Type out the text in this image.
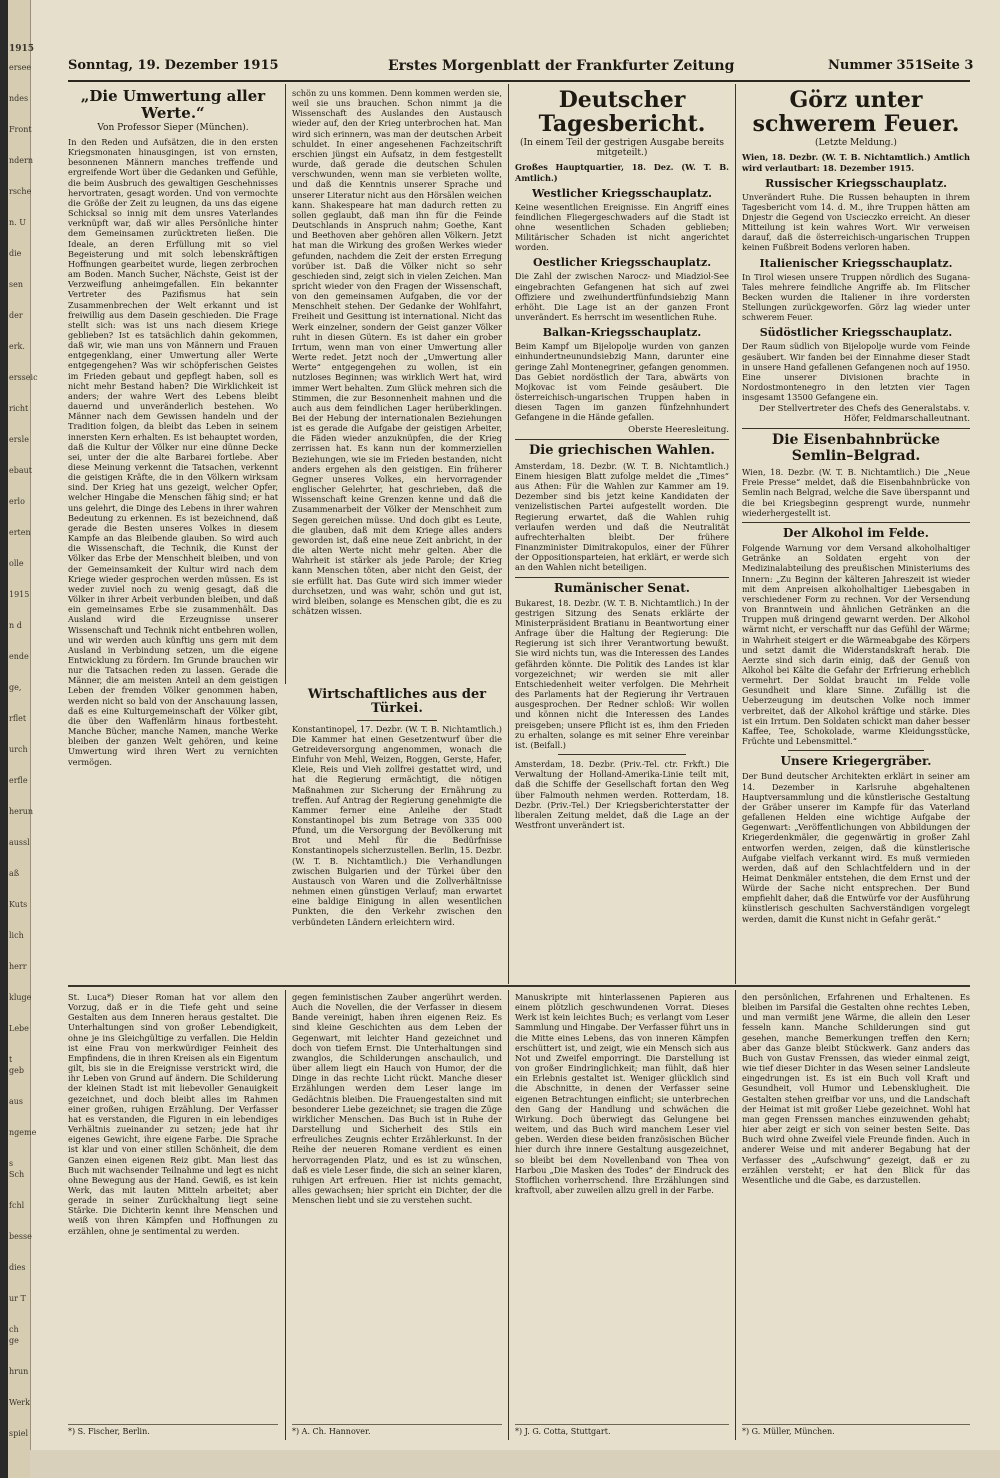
1915
ersee
ndes
Front
ndern
rsche
n. U
die
sen
der
erk.
ersseic
richt
ersle
ebaut
erlo
erten
olle
1915
n d
ende
ge,
rflet
urch
erfle
herun
aussl
aß
Kuts
lich
herr
kluge
Lebe
t geb
aus
ngeme
s Sch
fchl
besse
dies
ur T
ch ge
hrun
Werk
spiel
Sonntag, 19. Dezember 1915	Erstes Morgenblatt der Frankfurter Zeitung	Nummer 351 Seite 3

„Die Umwertung aller Werte.“

Von Professor Sieper (München).

In den Reden und Aufsätzen, die in den ersten Kriegsmonaten hinausgingen, ist von ernsten, besonnenen Männern manches treffende und ergreifende Wort über die Gedanken und Gefühle, die beim Ausbruch des gewaltigen Geschehnisses hervortraten, gesagt worden. Und von vermochte die Größe der Zeit zu leugnen, da uns das eigene Schicksal so innig mit dem unsres Vaterlandes verknüpft war, daß wir alles Persönliche hinter dem Gemeinsamen zurücktreten ließen. Die Ideale, an deren Erfüllung mit so viel Begeisterung und mit solch lebenskräftigen Hoffnungen gearbeitet wurde, liegen zerbrochen am Boden. Manch Sucher, Nächste, Geist ist der Verzweiflung anheimgefallen. Ein bekannter Vertreter des Pazifismus hat sein Zusammenbrechen der Welt erkannt und ist freiwillig aus dem Dasein geschieden. Die Frage stellt sich: was ist uns nach diesem Kriege geblieben? Ist es tatsächlich dahin gekommen, daß wir, wie man uns von Männern und Frauen entgegenklang, einer Umwertung aller Werte entgegengehen? Was wir schöpferischen Geistes im Frieden gebaut und gepflegt haben, soll es nicht mehr Bestand haben? Die Wirklichkeit ist anders; der wahre Wert des Lebens bleibt dauernd und unveränderlich bestehen. Wo Männer nach dem Gewissen handeln und der Tradition folgen, da bleibt das Leben in seinem innersten Kern erhalten. Es ist behauptet worden, daß die Kultur der Völker nur eine dünne Decke sei, unter der die alte Barbarei fortlebe. Aber diese Meinung verkennt die Tatsachen, verkennt die geistigen Kräfte, die in den Völkern wirksam sind. Der Krieg hat uns gezeigt, welcher Opfer, welcher Hingabe die Menschen fähig sind; er hat uns gelehrt, die Dinge des Lebens in ihrer wahren Bedeutung zu erkennen. Es ist bezeichnend, daß gerade die Besten unseres Volkes in diesem Kampfe an das Bleibende glauben. So wird auch die Wissenschaft, die Technik, die Kunst der Völker das Erbe der Menschheit bleiben, und von der Gemeinsamkeit der Kultur wird nach dem Kriege wieder gesprochen werden müssen. Es ist weder zuviel noch zu wenig gesagt, daß die Völker in ihrer Arbeit verbunden bleiben, und daß ein gemeinsames Erbe sie zusammenhält. Das Ausland wird die Erzeugnisse unserer Wissenschaft und Technik nicht entbehren wollen, und wir werden auch künftig uns gern mit dem Ausland in Verbindung setzen, um die eigene Entwicklung zu fördern. Im Grunde brauchen wir nur die Tatsachen reden zu lassen. Gerade die Männer, die am meisten Anteil an dem geistigen Leben der fremden Völker genommen haben, werden nicht so bald von der Anschauung lassen, daß es eine Kulturgemeinschaft der Völker gibt, die über den Waffenlärm hinaus fortbesteht. Manche Bücher, manche Namen, manche Werke bleiben der ganzen Welt gehören, und keine Umwertung wird ihren Wert zu vernichten vermögen.

schön zu uns kommen. Denn kommen werden sie, weil sie uns brauchen. Schon nimmt ja die Wissenschaft des Auslandes den Austausch wieder auf, den der Krieg unterbrochen hat. Man wird sich erinnern, was man der deutschen Arbeit schuldet. In einer angesehenen Fachzeitschrift erschien jüngst ein Aufsatz, in dem festgestellt wurde, daß gerade die deutschen Schulen verschwunden, wenn man sie verbieten wollte, und daß die Kenntnis unserer Sprache und unserer Literatur nicht aus den Hörsälen weichen kann. Shakespeare hat man dadurch retten zu sollen geglaubt, daß man ihn für die Feinde Deutschlands in Anspruch nahm; Goethe, Kant und Beethoven aber gehören allen Völkern. Jetzt hat man die Wirkung des großen Werkes wieder gefunden, nachdem die Zeit der ersten Erregung vorüber ist. Daß die Völker nicht so sehr geschieden sind, zeigt sich in vielen Zeichen. Man spricht wieder von den Fragen der Wissenschaft, von den gemeinsamen Aufgaben, die vor der Menschheit stehen. Der Gedanke der Wohlfahrt, Freiheit und Gesittung ist international. Nicht das Werk einzelner, sondern der Geist ganzer Völker ruht in diesen Gütern. Es ist daher ein grober Irrtum, wenn man von einer Umwertung aller Werte redet. Jetzt noch der „Umwertung aller Werte“ entgegengehen zu wollen, ist ein nutzloses Beginnen; was wirklich Wert hat, wird immer Wert behalten. Zum Glück mehren sich die Stimmen, die zur Besonnenheit mahnen und die auch aus dem feindlichen Lager herüberklingen. Bei der Hebung der internationalen Beziehungen ist es gerade die Aufgabe der geistigen Arbeiter, die Fäden wieder anzuknüpfen, die der Krieg zerrissen hat. Es kann nun der kommerziellen Beziehungen, wie sie im Frieden bestanden, nicht anders ergehen als den geistigen. Ein früherer Gegner unseres Volkes, ein hervorragender englischer Gelehrter, hat geschrieben, daß die Wissenschaft keine Grenzen kenne und daß die Zusammenarbeit der Völker der Menschheit zum Segen gereichen müsse. Und doch gibt es Leute, die glauben, daß mit dem Kriege alles anders geworden ist, daß eine neue Zeit anbricht, in der die alten Werte nicht mehr gelten. Aber die Wahrheit ist stärker als jede Parole; der Krieg kann Menschen töten, aber nicht den Geist, der sie erfüllt hat. Das Gute wird sich immer wieder durchsetzen, und was wahr, schön und gut ist, wird bleiben, solange es Menschen gibt, die es zu schätzen wissen.

Wirtschaftliches aus der Türkei.

Konstantinopel, 17. Dezbr. (W. T. B. Nichtamtlich.) Die Kammer hat einen Gesetzentwurf über die Getreideversorgung angenommen, wonach die Einfuhr von Mehl, Weizen, Roggen, Gerste, Hafer, Kleie, Reis und Vieh zollfrei gestattet wird, und hat die Regierung ermächtigt, die nötigen Maßnahmen zur Sicherung der Ernährung zu treffen. Auf Antrag der Regierung genehmigte die Kammer ferner eine Anleihe der Stadt Konstantinopel bis zum Betrage von 335 000 Pfund, um die Versorgung der Bevölkerung mit Brot und Mehl für die Bedürfnisse Konstantinopels sicherzustellen. Berlin, 15. Dezbr. (W. T. B. Nichtamtlich.) Die Verhandlungen zwischen Bulgarien und der Türkei über den Austausch von Waren und die Zollverhältnisse nehmen einen günstigen Verlauf; man erwartet eine baldige Einigung in allen wesentlichen Punkten, die den Verkehr zwischen den verbündeten Ländern erleichtern wird.

Deutscher Tagesbericht.

(In einem Teil der gestrigen Ausgabe bereits mitgeteilt.)

Großes Hauptquartier, 18. Dez. (W. T. B. Amtlich.)

Westlicher Kriegsschauplatz.

Keine wesentlichen Ereignisse. Ein Angriff eines feindlichen Fliegergeschwaders auf die Stadt ist ohne wesentlichen Schaden geblieben; Militärischer Schaden ist nicht angerichtet worden.

Oestlicher Kriegsschauplatz.

Die Zahl der zwischen Narocz- und Miadziol-See eingebrachten Gefangenen hat sich auf zwei Offiziere und zweihundertfünfundsiebzig Mann erhöht. Die Lage ist an der ganzen Front unverändert. Es herrscht im wesentlichen Ruhe.

Balkan-Kriegsschauplatz.

Beim Kampf um Bijelopolje wurden von ganzen einhundertneunundsiebzig Mann, darunter eine geringe Zahl Montenegriner, gefangen genommen. Das Gebiet nordöstlich der Tara, abwärts von Mojkovac ist vom Feinde gesäubert. Die österreichisch-ungarischen Truppen haben in diesen Tagen im ganzen fünfzehnhundert Gefangene in die Hände gefallen.

Oberste Heeresleitung.

Die griechischen Wahlen.

Amsterdam, 18. Dezbr. (W. T. B. Nichtamtlich.) Einem hiesigen Blatt zufolge meldet die „Times“ aus Athen: Für die Wahlen zur Kammer am 19. Dezember sind bis jetzt keine Kandidaten der venizelistischen Partei aufgestellt worden. Die Regierung erwartet, daß die Wahlen ruhig verlaufen werden und daß die Neutralität aufrechterhalten bleibt. Der frühere Finanzminister Dimitrakopulos, einer der Führer der Oppositionsparteien, hat erklärt, er werde sich an den Wahlen nicht beteiligen.

Rumänischer Senat.

Bukarest, 18. Dezbr. (W. T. B. Nichtamtlich.) In der gestrigen Sitzung des Senats erklärte der Ministerpräsident Bratianu in Beantwortung einer Anfrage über die Haltung der Regierung: Die Regierung ist sich ihrer Verantwortung bewußt. Sie wird nichts tun, was die Interessen des Landes gefährden könnte. Die Politik des Landes ist klar vorgezeichnet; wir werden sie mit aller Entschiedenheit weiter verfolgen. Die Mehrheit des Parlaments hat der Regierung ihr Vertrauen ausgesprochen. Der Redner schloß: Wir wollen und können nicht die Interessen des Landes preisgeben; unsere Pflicht ist es, ihm den Frieden zu erhalten, solange es mit seiner Ehre vereinbar ist. (Beifall.)

Amsterdam, 18. Dezbr. (Priv.-Tel. ctr. Frkft.) Die Verwaltung der Holland-Amerika-Linie teilt mit, daß die Schiffe der Gesellschaft fortan den Weg über Falmouth nehmen werden. Rotterdam, 18. Dezbr. (Priv.-Tel.) Der Kriegsberichterstatter der liberalen Zeitung meldet, daß die Lage an der Westfront unverändert ist.

Görz unter schwerem Feuer.

(Letzte Meldung.)

Wien, 18. Dezbr. (W. T. B. Nichtamtlich.) Amtlich wird verlautbart: 18. Dezember 1915.

Russischer Kriegsschauplatz.

Unverändert Ruhe. Die Russen behaupten in ihrem Tagesbericht vom 14. d. M., ihre Truppen hätten am Dnjestr die Gegend von Uscieczko erreicht. An dieser Mitteilung ist kein wahres Wort. Wir verweisen darauf, daß die österreichisch-ungarischen Truppen keinen Fußbreit Bodens verloren haben.

Italienischer Kriegsschauplatz.

In Tirol wiesen unsere Truppen nördlich des Sugana-Tales mehrere feindliche Angriffe ab. Im Flitscher Becken wurden die Italiener in ihre vordersten Stellungen zurückgeworfen. Görz lag wieder unter schwerem Feuer.

Südöstlicher Kriegsschauplatz.

Der Raum südlich von Bijelopolje wurde vom Feinde gesäubert. Wir fanden bei der Einnahme dieser Stadt in unsere Hand gefallenen Gefangenen noch auf 1950. Eine unserer Divisionen brachte in Nordostmontenegro in den letzten vier Tagen insgesamt 13500 Gefangene ein.

Der Stellvertreter des Chefs des Generalstabs. v. Höfer, Feldmarschalleutnant.

Die Eisenbahnbrücke Semlin–Belgrad.

Wien, 18. Dezbr. (W. T. B. Nichtamtlich.) Die „Neue Freie Presse“ meldet, daß die Eisenbahnbrücke von Semlin nach Belgrad, welche die Save überspannt und die bei Kriegsbeginn gesprengt wurde, nunmehr wiederhergestellt ist.

Der Alkohol im Felde.

Folgende Warnung vor dem Versand alkoholhaltiger Getränke an Soldaten ergeht von der Medizinalabteilung des preußischen Ministeriums des Innern: „Zu Beginn der kälteren Jahreszeit ist wieder mit dem Anpreisen alkoholhaltiger Liebesgaben in verschiedener Form zu rechnen. Vor der Versendung von Branntwein und ähnlichen Getränken an die Truppen muß dringend gewarnt werden. Der Alkohol wärmt nicht, er verschafft nur das Gefühl der Wärme; in Wahrheit steigert er die Wärmeabgabe des Körpers und setzt damit die Widerstandskraft herab. Die Aerzte sind sich darin einig, daß der Genuß von Alkohol bei Kälte die Gefahr der Erfrierung erheblich vermehrt. Der Soldat braucht im Felde volle Gesundheit und klare Sinne. Zufällig ist die Ueberzeugung im deutschen Volke noch immer verbreitet, daß der Alkohol kräftige und stärke. Dies ist ein Irrtum. Den Soldaten schickt man daher besser Kaffee, Tee, Schokolade, warme Kleidungsstücke, Früchte und Lebensmittel.“

Unsere Kriegergräber.

Der Bund deutscher Architekten erklärt in seiner am 14. Dezember in Karlsruhe abgehaltenen Hauptversammlung und die künstlerische Gestaltung der Gräber unserer im Kampfe für das Vaterland gefallenen Helden eine wichtige Aufgabe der Gegenwart: „Veröffentlichungen von Abbildungen der Kriegerdenkmäler, die gegenwärtig in großer Zahl entworfen werden, zeigen, daß die künstlerische Aufgabe vielfach verkannt wird. Es muß vermieden werden, daß auf den Schlachtfeldern und in der Heimat Denkmäler entstehen, die dem Ernst und der Würde der Sache nicht entsprechen. Der Bund empfiehlt daher, daß die Entwürfe vor der Ausführung künstlerisch geschulten Sachverständigen vorgelegt werden, damit die Kunst nicht in Gefahr gerät.“

St. Luca*) Dieser Roman hat vor allem den Vorzug, daß er in die Tiefe geht und seine Gestalten aus dem Inneren heraus gestaltet. Die Unterhaltungen sind von großer Lebendigkeit, ohne je ins Gleichgültige zu verfallen. Die Heldin ist eine Frau von merkwürdiger Feinheit des Empfindens, die in ihren Kreisen als ein Eigentum gilt, bis sie in die Ereignisse verstrickt wird, die ihr Leben von Grund auf ändern. Die Schilderung der kleinen Stadt ist mit liebevoller Genauigkeit gezeichnet, und doch bleibt alles im Rahmen einer großen, ruhigen Erzählung. Der Verfasser hat es verstanden, die Figuren in ein lebendiges Verhältnis zueinander zu setzen; jede hat ihr eigenes Gewicht, ihre eigene Farbe. Die Sprache ist klar und von einer stillen Schönheit, die dem Ganzen einen eigenen Reiz gibt. Man liest das Buch mit wachsender Teilnahme und legt es nicht ohne Bewegung aus der Hand. Gewiß, es ist kein Werk, das mit lauten Mitteln arbeitet; aber gerade in seiner Zurückhaltung liegt seine Stärke. Die Dichterin kennt ihre Menschen und weiß von ihren Kämpfen und Hoffnungen zu erzählen, ohne je sentimental zu werden.

*) S. Fischer, Berlin.

gegen feministischen Zauber angerührt werden. Auch die Novellen, die der Verfasser in diesem Bande vereinigt, haben ihren eigenen Reiz. Es sind kleine Geschichten aus dem Leben der Gegenwart, mit leichter Hand gezeichnet und doch von tiefem Ernst. Die Unterhaltungen sind zwanglos, die Schilderungen anschaulich, und über allem liegt ein Hauch von Humor, der die Dinge in das rechte Licht rückt. Manche dieser Erzählungen werden dem Leser lange im Gedächtnis bleiben. Die Frauengestalten sind mit besonderer Liebe gezeichnet; sie tragen die Züge wirklicher Menschen. Das Buch ist in Ruhe der Darstellung und Sicherheit des Stils ein erfreuliches Zeugnis echter Erzählerkunst. In der Reihe der neueren Romane verdient es einen hervorragenden Platz, und es ist zu wünschen, daß es viele Leser finde, die sich an seiner klaren, ruhigen Art erfreuen. Hier ist nichts gemacht, alles gewachsen; hier spricht ein Dichter, der die Menschen liebt und sie zu verstehen sucht.

*) A. Ch. Hannover.

Manuskripte mit hinterlassenen Papieren aus einem plötzlich geschwundenen Vorrat. Dieses Werk ist kein leichtes Buch; es verlangt vom Leser Sammlung und Hingabe. Der Verfasser führt uns in die Mitte eines Lebens, das von inneren Kämpfen erschüttert ist, und zeigt, wie ein Mensch sich aus Not und Zweifel emporringt. Die Darstellung ist von großer Eindringlichkeit; man fühlt, daß hier ein Erlebnis gestaltet ist. Weniger glücklich sind die Abschnitte, in denen der Verfasser seine eigenen Betrachtungen einflicht; sie unterbrechen den Gang der Handlung und schwächen die Wirkung. Doch überwiegt das Gelungene bei weitem, und das Buch wird manchem Leser viel geben. Werden diese beiden französischen Bücher hier durch ihre innere Gestaltung ausgezeichnet, so bleibt bei dem Novellenband von Thea von Harbou „Die Masken des Todes“ der Eindruck des Stofflichen vorherrschend. Ihre Erzählungen sind kraftvoll, aber zuweilen allzu grell in der Farbe.

*) J. G. Cotta, Stuttgart.

den persönlichen, Erfahrenen und Erhaltenen. Es bleiben im Parsifal die Gestalten ohne rechtes Leben, und man vermißt jene Wärme, die allein den Leser fesseln kann. Manche Schilderungen sind gut gesehen, manche Bemerkungen treffen den Kern; aber das Ganze bleibt Stückwerk. Ganz anders das Buch von Gustav Frenssen, das wieder einmal zeigt, wie tief dieser Dichter in das Wesen seiner Landsleute eingedrungen ist. Es ist ein Buch voll Kraft und Gesundheit, voll Humor und Lebensklugheit. Die Gestalten stehen greifbar vor uns, und die Landschaft der Heimat ist mit großer Liebe gezeichnet. Wohl hat man gegen Frenssen manches einzuwenden gehabt; hier aber zeigt er sich von seiner besten Seite. Das Buch wird ohne Zweifel viele Freunde finden. Auch in anderer Weise und mit anderer Begabung hat der Verfasser des „Aufschwung“ gezeigt, daß er zu erzählen versteht; er hat den Blick für das Wesentliche und die Gabe, es darzustellen.

*) G. Müller, München.
